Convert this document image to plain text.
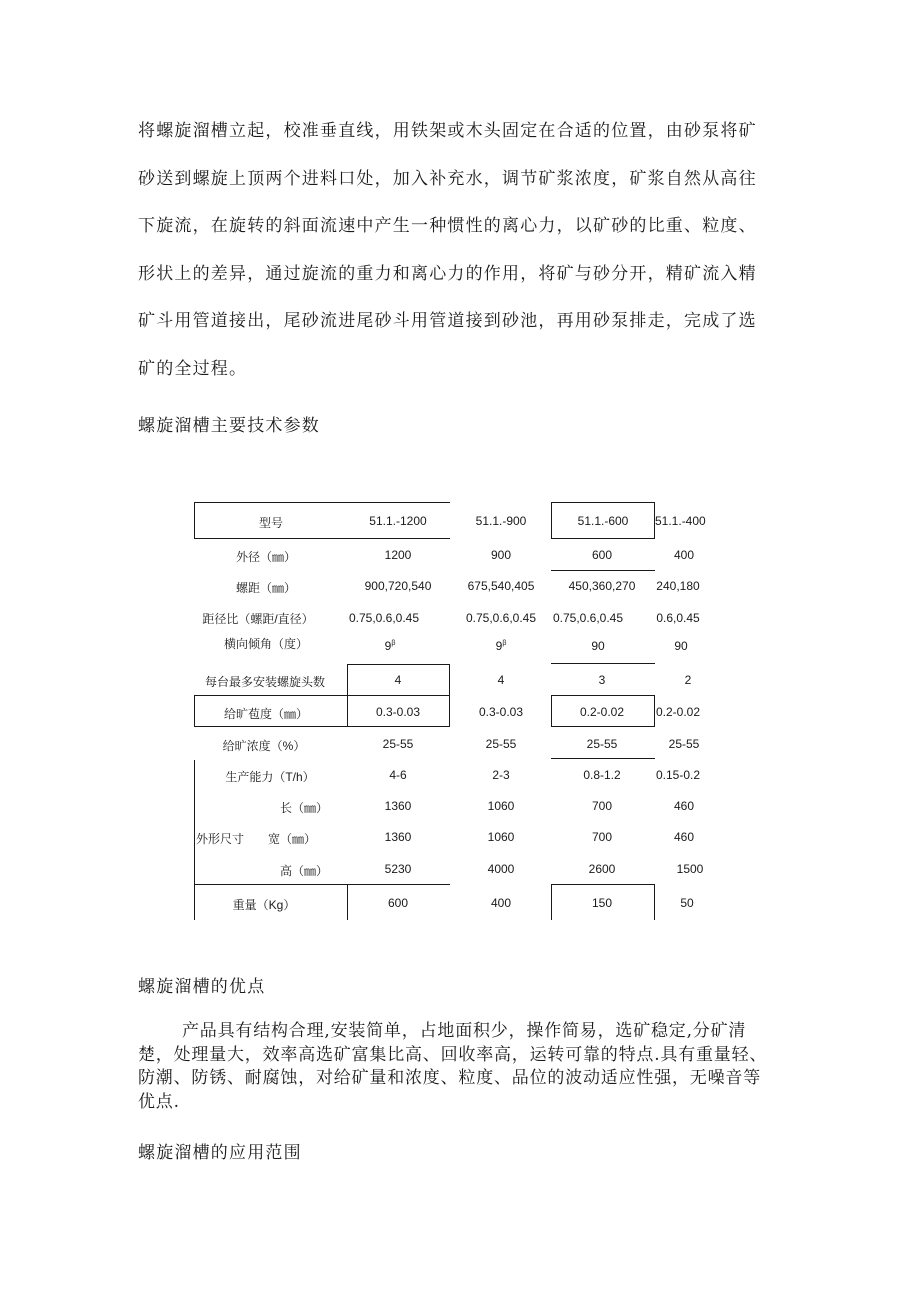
将螺旋溜槽立起，校准垂直线，用铁架或木头固定在合适的位置，由砂泵将矿
砂送到螺旋上顶两个进料口处，加入补充水，调节矿浆浓度，矿浆自然从高往
下旋流，在旋转的斜面流速中产生一种惯性的离心力，以矿砂的比重、粒度、
形状上的差异，通过旋流的重力和离心力的作用，将矿与砂分开，精矿流入精
矿斗用管道接出，尾砂流进尾砂斗用管道接到砂池，再用砂泵排走，完成了选
矿的全过程。
螺旋溜槽主要技术参数
型号	51.1.-1200	51.1.-900	51.1.-600 51.1.-400
外径（㎜）	1200	900	600	400
螺距（㎜）	900,720,540	675,540,405	450,360,270 240,180
距径比（螺距/直径）	0.75,0.6,0.45	0.75,0.6,0.45 0.75,0.6,0.45	0.6,0.45
横向倾角（度）	$9^\beta$	$9^\beta$	90	90
每台最多安装螺旋头数	4	4	3	2
给旷苞度（㎜）	0.3-0.03	0.3-0.03	0.2-0.02	0.2-0.02
给旷浓度（%）	25-55	25-55	25-55	25-55
生产能力（T/h）	4-6	2-3	0.8-1.2	0.15-0.2
外形尺寸
长（㎜）	1360	1060	700	460
宽（㎜）	1360	1060	700	460
高（㎜）	5230	4000	2600	1500
重量（Kg）	600	400	150	50
螺旋溜槽的优点

产品具有结构合理,安装简单，占地面积少，操作简易，选矿稳定,分矿清楚，处理量大，效率高选矿富集比高、回收率高，运转可靠的特点.具有重量轻、防潮、防锈、耐腐蚀，对给矿量和浓度、粒度、品位的波动适应性强，无噪音等优点.

螺旋溜槽的应用范围
